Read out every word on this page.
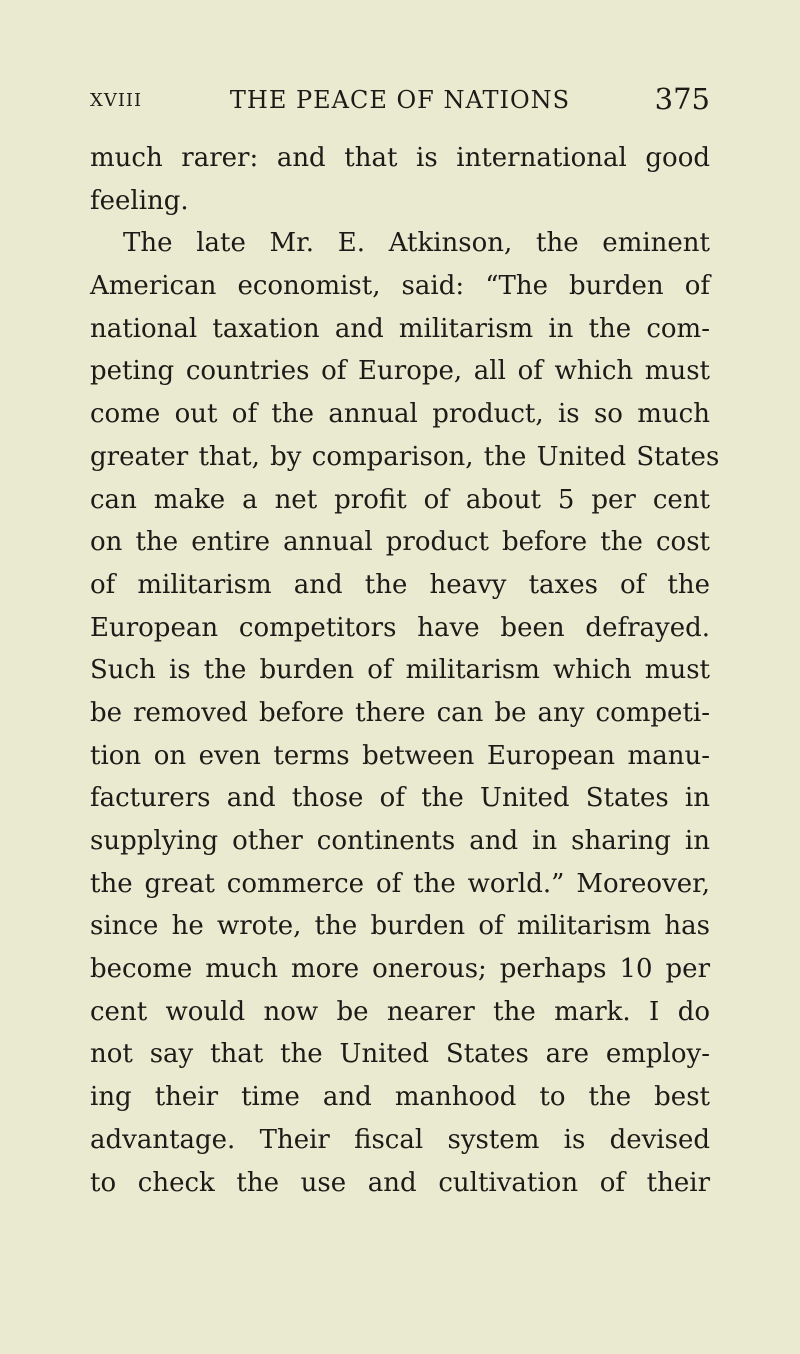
XVIII	THE PEACE OF NATIONS	375
much rarer: and that is international good
feeling.
The late Mr. E. Atkinson, the eminent
American economist, said: “The burden of
national taxation and militarism in the com-
peting countries of Europe, all of which must
come out of the annual product, is so much
greater that, by comparison, the United States
can make a net profit of about 5 per cent
on the entire annual product before the cost
of militarism and the heavy taxes of the
European competitors have been defrayed.
Such is the burden of militarism which must
be removed before there can be any competi-
tion on even terms between European manu-
facturers and those of the United States in
supplying other continents and in sharing in
the great commerce of the world.” Moreover,
since he wrote, the burden of militarism has
become much more onerous; perhaps 10 per
cent would now be nearer the mark. I do
not say that the United States are employ-
ing their time and manhood to the best
advantage. Their fiscal system is devised
to check the use and cultivation of their
